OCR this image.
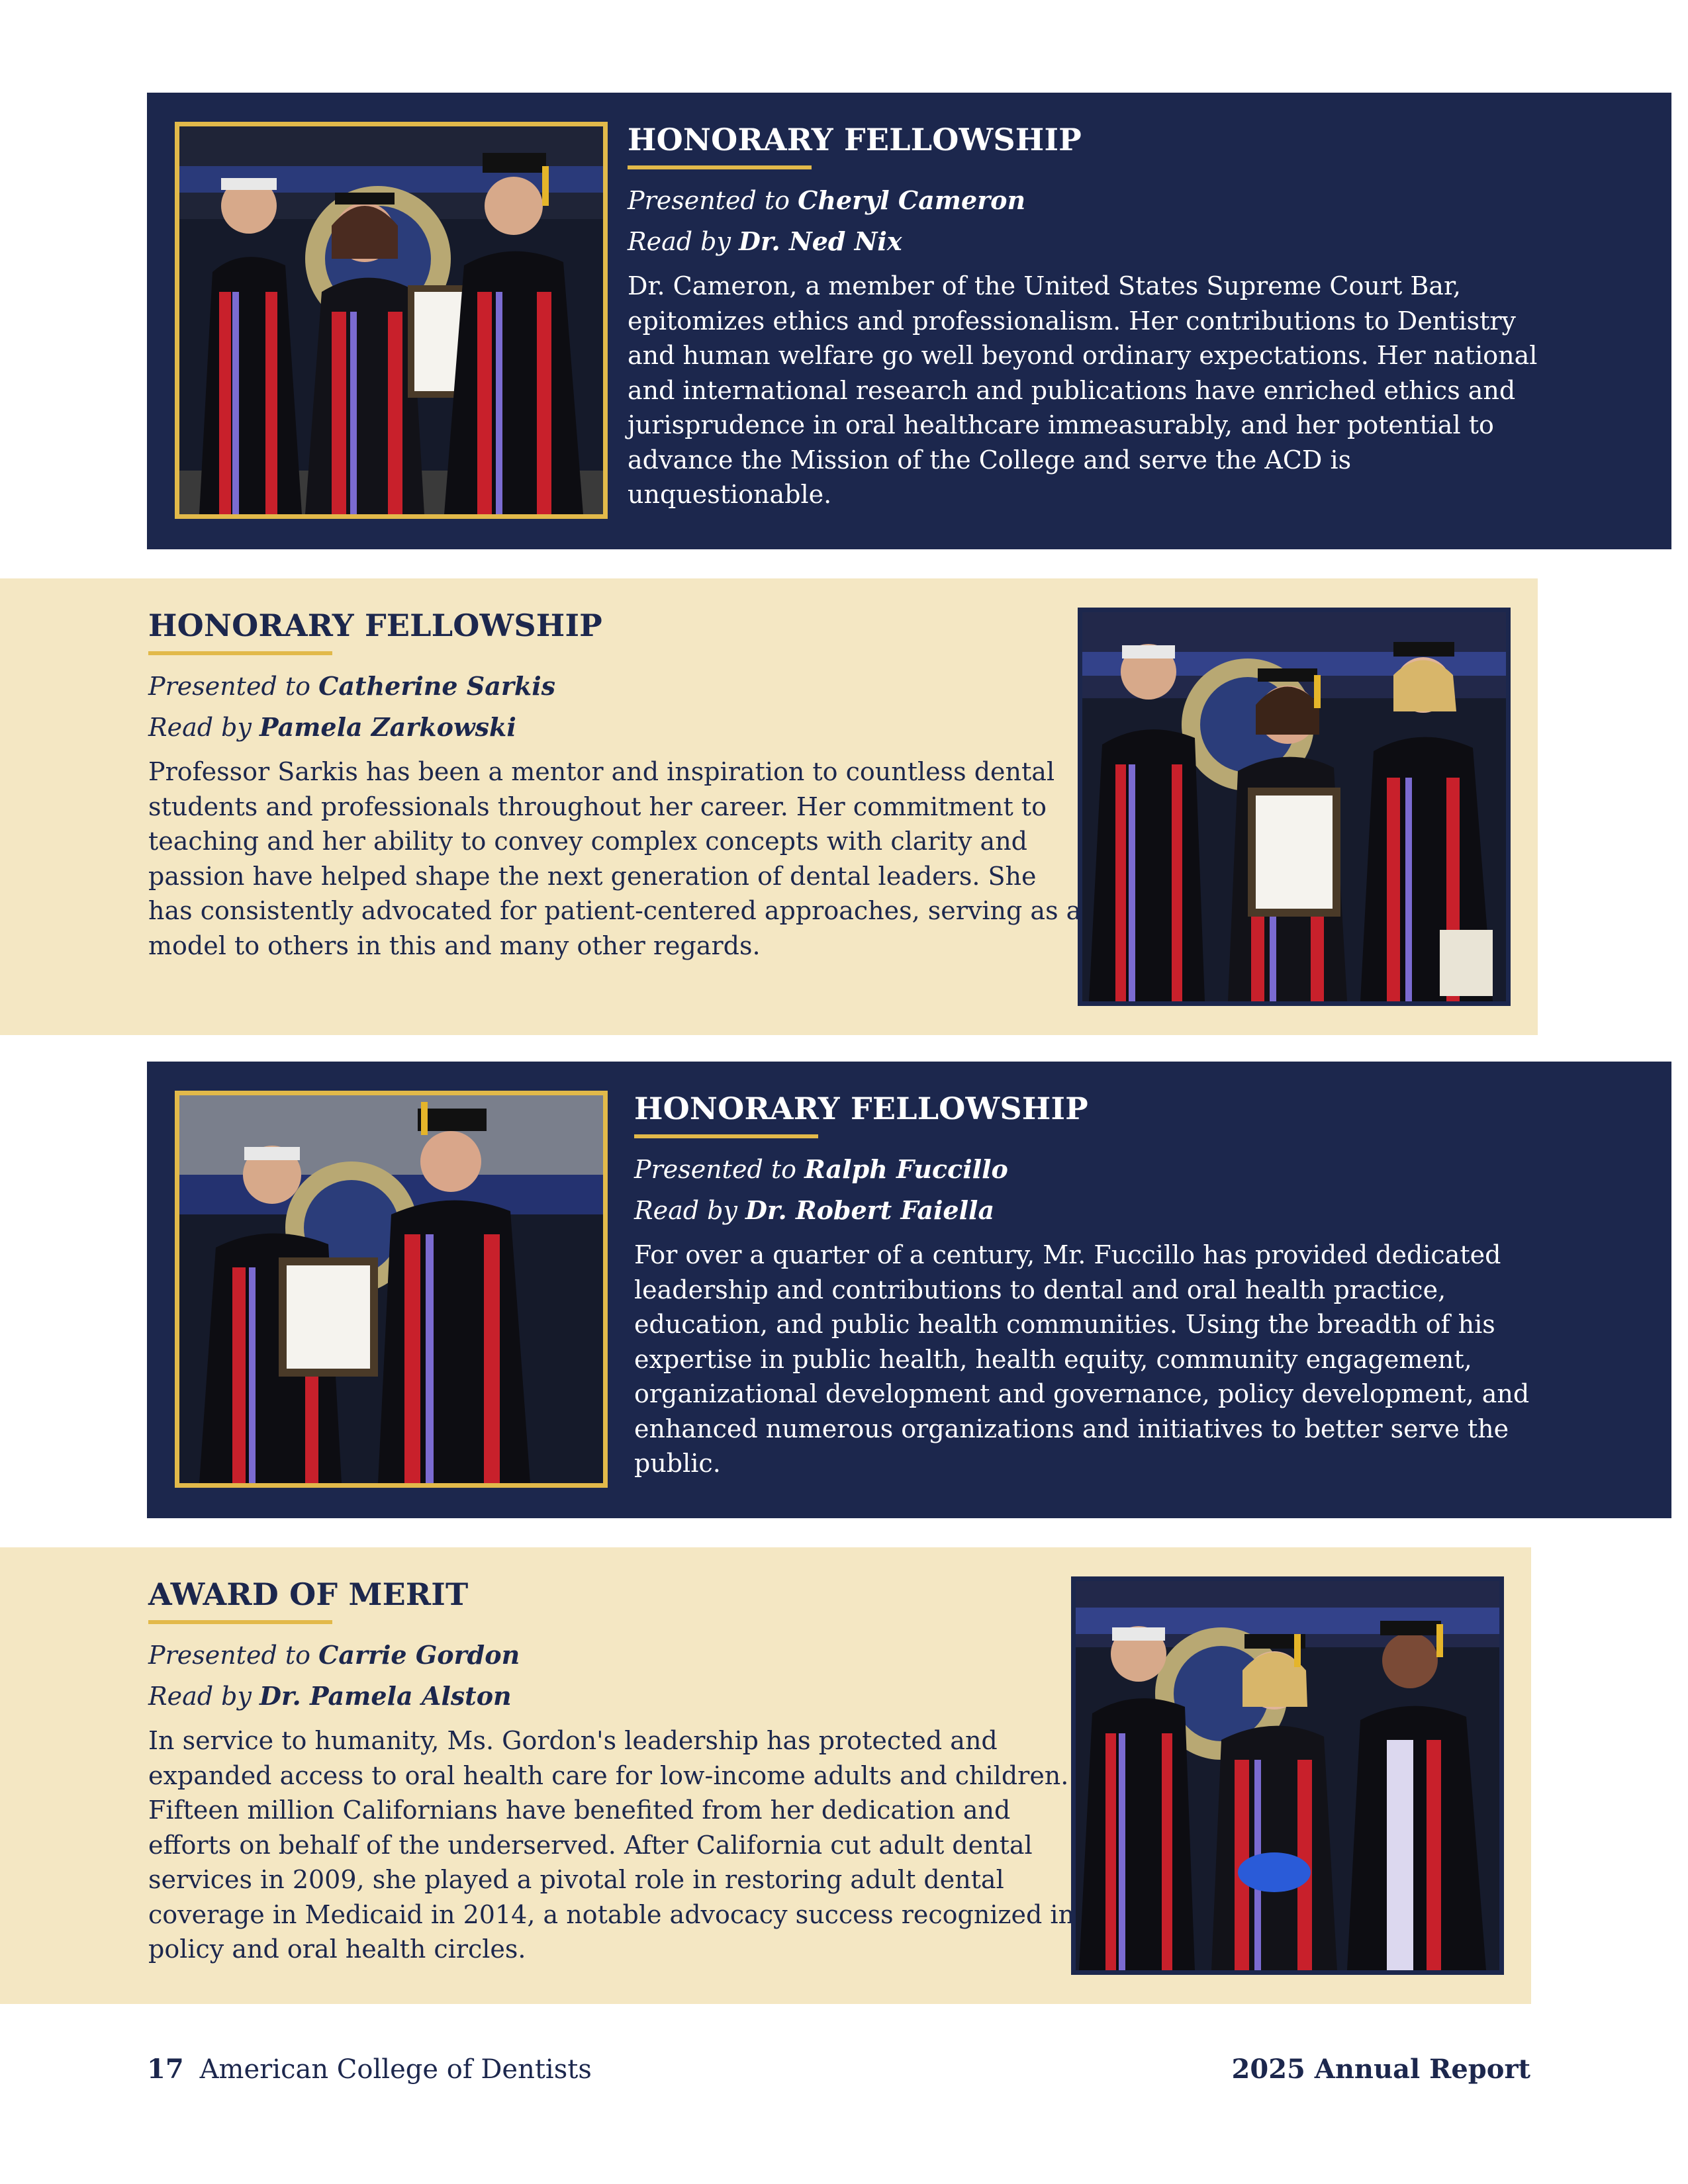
HONORARY FELLOWSHIP
Presented to Cheryl Cameron
Read by Dr. Ned Nix

Dr. Cameron, a member of the United States Supreme Court Bar, epitomizes ethics and professionalism. Her contributions to Dentistry and human welfare go well beyond ordinary expectations. Her national and international research and publications have enriched ethics and jurisprudence in oral healthcare immeasurably, and her potential to advance the Mission of the College and serve the ACD is unquestionable.

HONORARY FELLOWSHIP
Presented to Catherine Sarkis
Read by Pamela Zarkowski

Professor Sarkis has been a mentor and inspiration to countless dental students and professionals throughout her career. Her commitment to teaching and her ability to convey complex concepts with clarity and passion have helped shape the next generation of dental leaders. She has consistently advocated for patient-centered approaches, serving as a model to others in this and many other regards.

HONORARY FELLOWSHIP
Presented to Ralph Fuccillo
Read by Dr. Robert Faiella

For over a quarter of a century, Mr. Fuccillo has provided dedicated leadership and contributions to dental and oral health practice, education, and public health communities. Using the breadth of his expertise in public health, health equity, community engagement, organizational development and governance, policy development, and enhanced numerous organizations and initiatives to better serve the public.

AWARD OF MERIT
Presented to Carrie Gordon
Read by Dr. Pamela Alston

In service to humanity, Ms. Gordon's leadership has protected and expanded access to oral health care for low-income adults and children. Fifteen million Californians have benefited from her dedication and efforts on behalf of the underserved. After California cut adult dental services in 2009, she played a pivotal role in restoring adult dental coverage in Medicaid in 2014, a notable advocacy success recognized in policy and oral health circles.

17 American College of Dentists	2025 Annual Report
